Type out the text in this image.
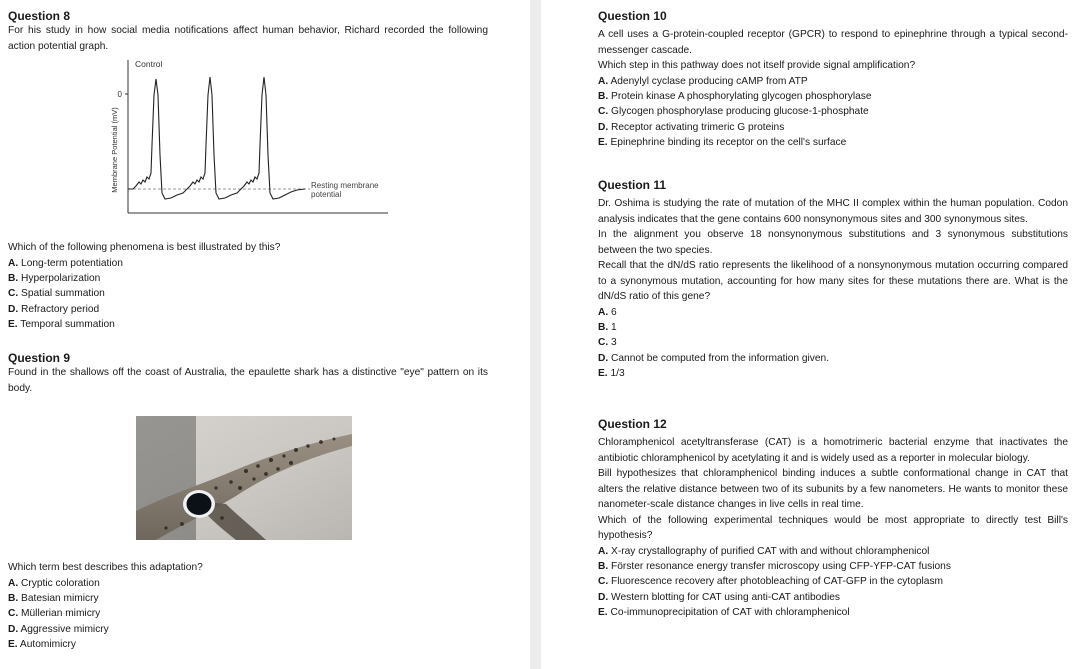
Question 8

For his study in how social media notifications affect human behavior, Richard recorded the following action potential graph.

0
Membrane Potential (mV)
Control
Resting membrane
potential

Which of the following phenomena is best illustrated by this?

A. Long-term potentiation
B. Hyperpolarization
C. Spatial summation
D. Refractory period
E. Temporal summation

Question 9

Found in the shallows off the coast of Australia, the epaulette shark has a distinctive "eye" pattern on its body.

Which term best describes this adaptation?

A. Cryptic coloration
B. Batesian mimicry
C. Müllerian mimicry
D. Aggressive mimicry
E. Automimicry

Question 10

A cell uses a G-protein-coupled receptor (GPCR) to respond to epinephrine through a typical second-messenger cascade.

Which step in this pathway does not itself provide signal amplification?

A. Adenylyl cyclase producing cAMP from ATP
B. Protein kinase A phosphorylating glycogen phosphorylase
C. Glycogen phosphorylase producing glucose-1-phosphate
D. Receptor activating trimeric G proteins
E. Epinephrine binding its receptor on the cell's surface

Question 11

Dr. Oshima is studying the rate of mutation of the MHC II complex within the human population. Codon analysis indicates that the gene contains 600 nonsynonymous sites and 300 synonymous sites.

In the alignment you observe 18 nonsynonymous substitutions and 3 synonymous substitutions between the two species.

Recall that the dN/dS ratio represents the likelihood of a nonsynonymous mutation occurring compared to a synonymous mutation, accounting for how many sites for these mutations there are. What is the dN/dS ratio of this gene?

A. 6
B. 1
C. 3
D. Cannot be computed from the information given.
E. 1/3

Question 12

Chloramphenicol acetyltransferase (CAT) is a homotrimeric bacterial enzyme that inactivates the antibiotic chloramphenicol by acetylating it and is widely used as a reporter in molecular biology.

Bill hypothesizes that chloramphenicol binding induces a subtle conformational change in CAT that alters the relative distance between two of its subunits by a few nanometers. He wants to monitor these nanometer-scale distance changes in live cells in real time.

Which of the following experimental techniques would be most appropriate to directly test Bill's hypothesis?

A. X-ray crystallography of purified CAT with and without chloramphenicol
B. Förster resonance energy transfer microscopy using CFP-YFP-CAT fusions
C. Fluorescence recovery after photobleaching of CAT-GFP in the cytoplasm
D. Western blotting for CAT using anti-CAT antibodies
E. Co-immunoprecipitation of CAT with chloramphenicol
